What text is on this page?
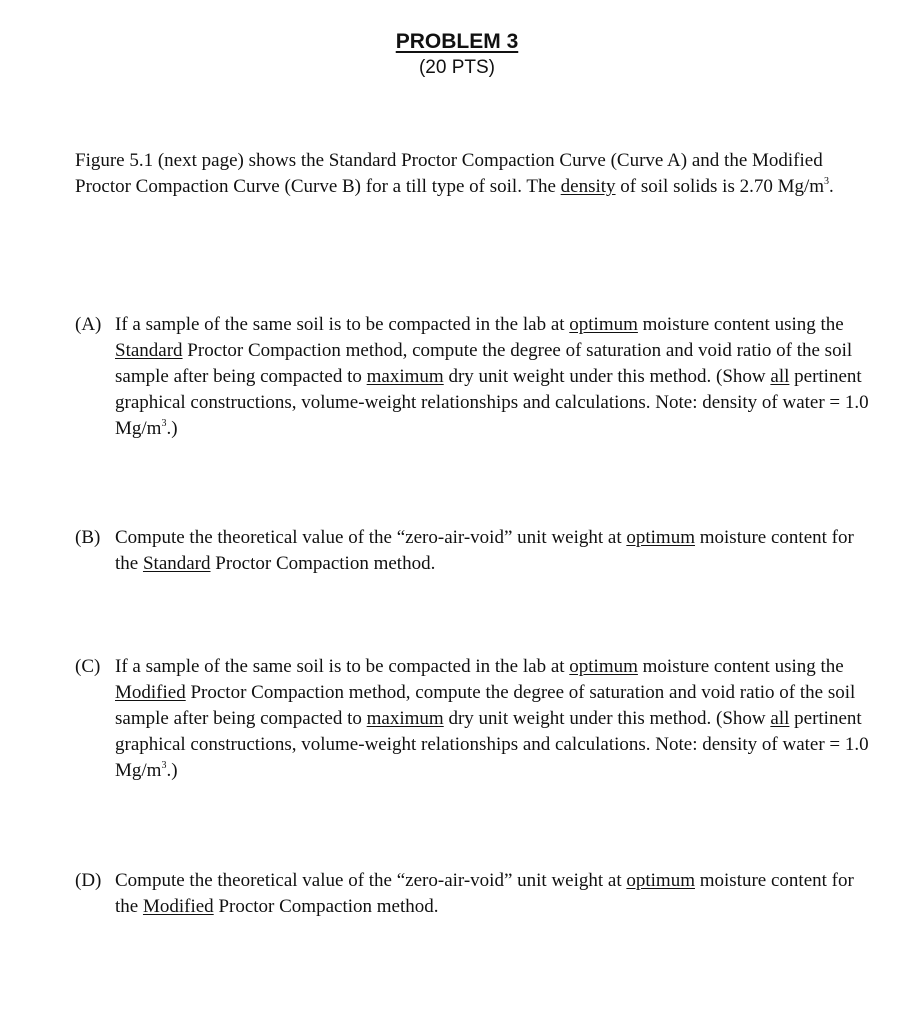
PROBLEM 3
(20 PTS)
Figure 5.1 (next page) shows the Standard Proctor Compaction Curve (Curve A) and the Modified Proctor Compaction Curve (Curve B) for a till type of soil. The density of soil solids is 2.70 $Mg/m^3$.
(A) If a sample of the same soil is to be compacted in the lab at optimum moisture content using the Standard Proctor Compaction method, compute the degree of saturation and void ratio of the soil sample after being compacted to maximum dry unit weight under this method. (Show all pertinent graphical constructions, volume-weight relationships and calculations. Note: density of water = 1.0 $Mg/m^3$.)
(B) Compute the theoretical value of the “zero-air-void” unit weight at optimum moisture content for the Standard Proctor Compaction method.
(C) If a sample of the same soil is to be compacted in the lab at optimum moisture content using the Modified Proctor Compaction method, compute the degree of saturation and void ratio of the soil sample after being compacted to maximum dry unit weight under this method. (Show all pertinent graphical constructions, volume-weight relationships and calculations. Note: density of water = 1.0 $Mg/m^3$.)
(D) Compute the theoretical value of the “zero-air-void” unit weight at optimum moisture content for the Modified Proctor Compaction method.
